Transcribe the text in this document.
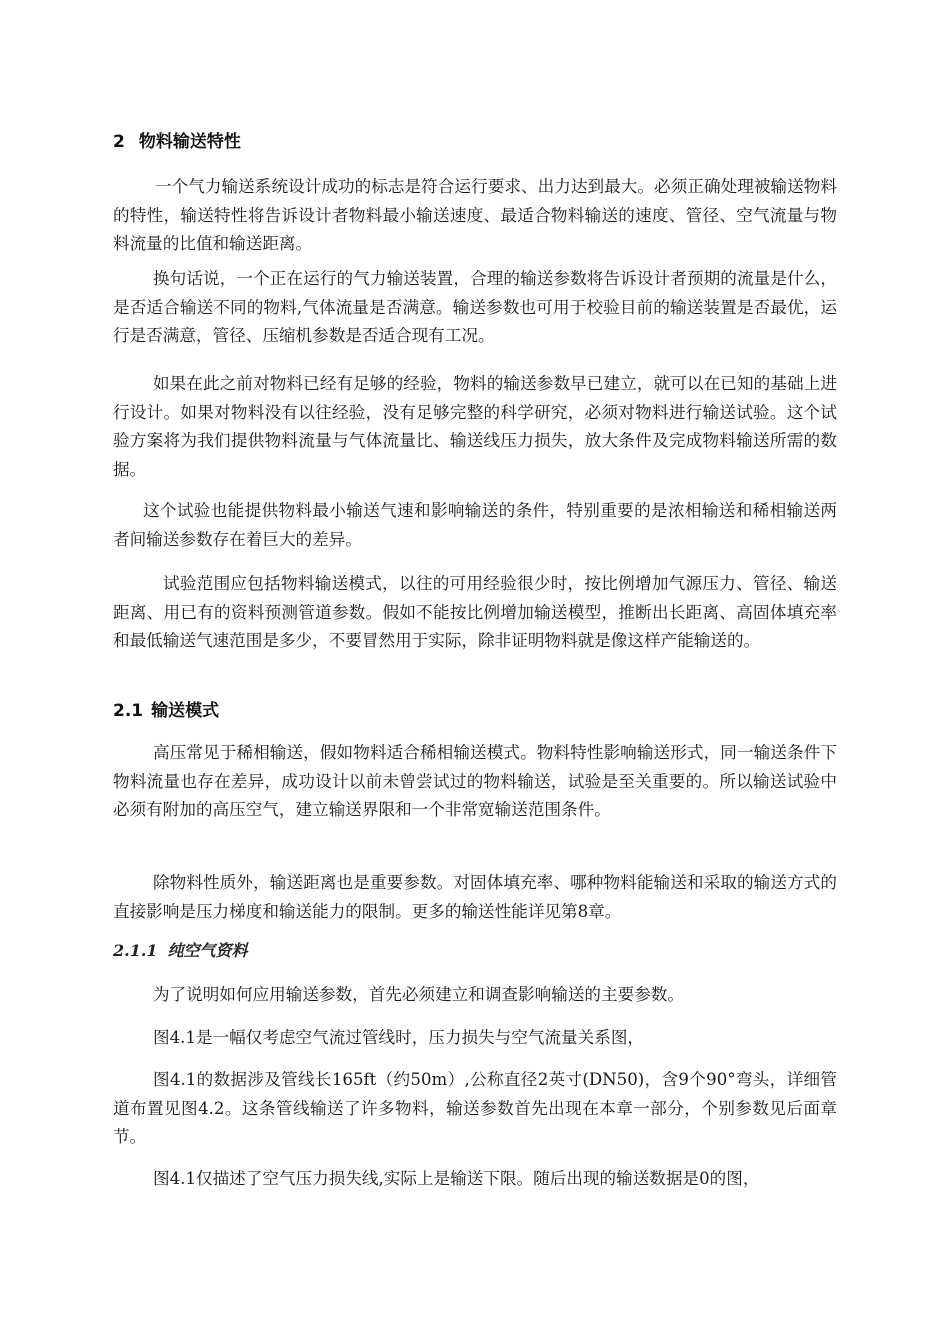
2 物料输送特性

一个气力输送系统设计成功的标志是符合运行要求、出力达到最大。必须正确处理被输送物料的特性，输送特性将告诉设计者物料最小输送速度、最适合物料输送的速度、管径、空气流量与物料流量的比值和输送距离。

换句话说，一个正在运行的气力输送装置，合理的输送参数将告诉设计者预期的流量是什么，是否适合输送不同的物料,气体流量是否满意。输送参数也可用于校验目前的输送装置是否最优，运行是否满意，管径、压缩机参数是否适合现有工况。

如果在此之前对物料已经有足够的经验，物料的输送参数早已建立，就可以在已知的基础上进行设计。如果对物料没有以往经验，没有足够完整的科学研究，必须对物料进行输送试验。这个试验方案将为我们提供物料流量与气体流量比、输送线压力损失，放大条件及完成物料输送所需的数据。

这个试验也能提供物料最小输送气速和影响输送的条件，特别重要的是浓相输送和稀相输送两者间输送参数存在着巨大的差异。

试验范围应包括物料输送模式，以往的可用经验很少时，按比例增加气源压力、管径、输送距离、用已有的资料预测管道参数。假如不能按比例增加输送模型，推断出长距离、高固体填充率和最低输送气速范围是多少，不要冒然用于实际，除非证明物料就是像这样产能输送的。

2.1 输送模式

高压常见于稀相输送，假如物料适合稀相输送模式。物料特性影响输送形式，同一输送条件下物料流量也存在差异，成功设计以前未曾尝试过的物料输送，试验是至关重要的。所以输送试验中必须有附加的高压空气，建立输送界限和一个非常宽输送范围条件。

除物料性质外，输送距离也是重要参数。对固体填充率、哪种物料能输送和采取的输送方式的直接影响是压力梯度和输送能力的限制。更多的输送性能详见第8章。

2.1.1 纯空气资料

为了说明如何应用输送参数，首先必须建立和调查影响输送的主要参数。

图4.1是一幅仅考虑空气流过管线时，压力损失与空气流量关系图，

图4.1的数据涉及管线长165ft（约50m）,公称直径2英寸(DN50)，含9个90°弯头，详细管道布置见图4.2。这条管线输送了许多物料，输送参数首先出现在本章一部分，个别参数见后面章节。

图4.1仅描述了空气压力损失线,实际上是输送下限。随后出现的输送数据是0的图，
